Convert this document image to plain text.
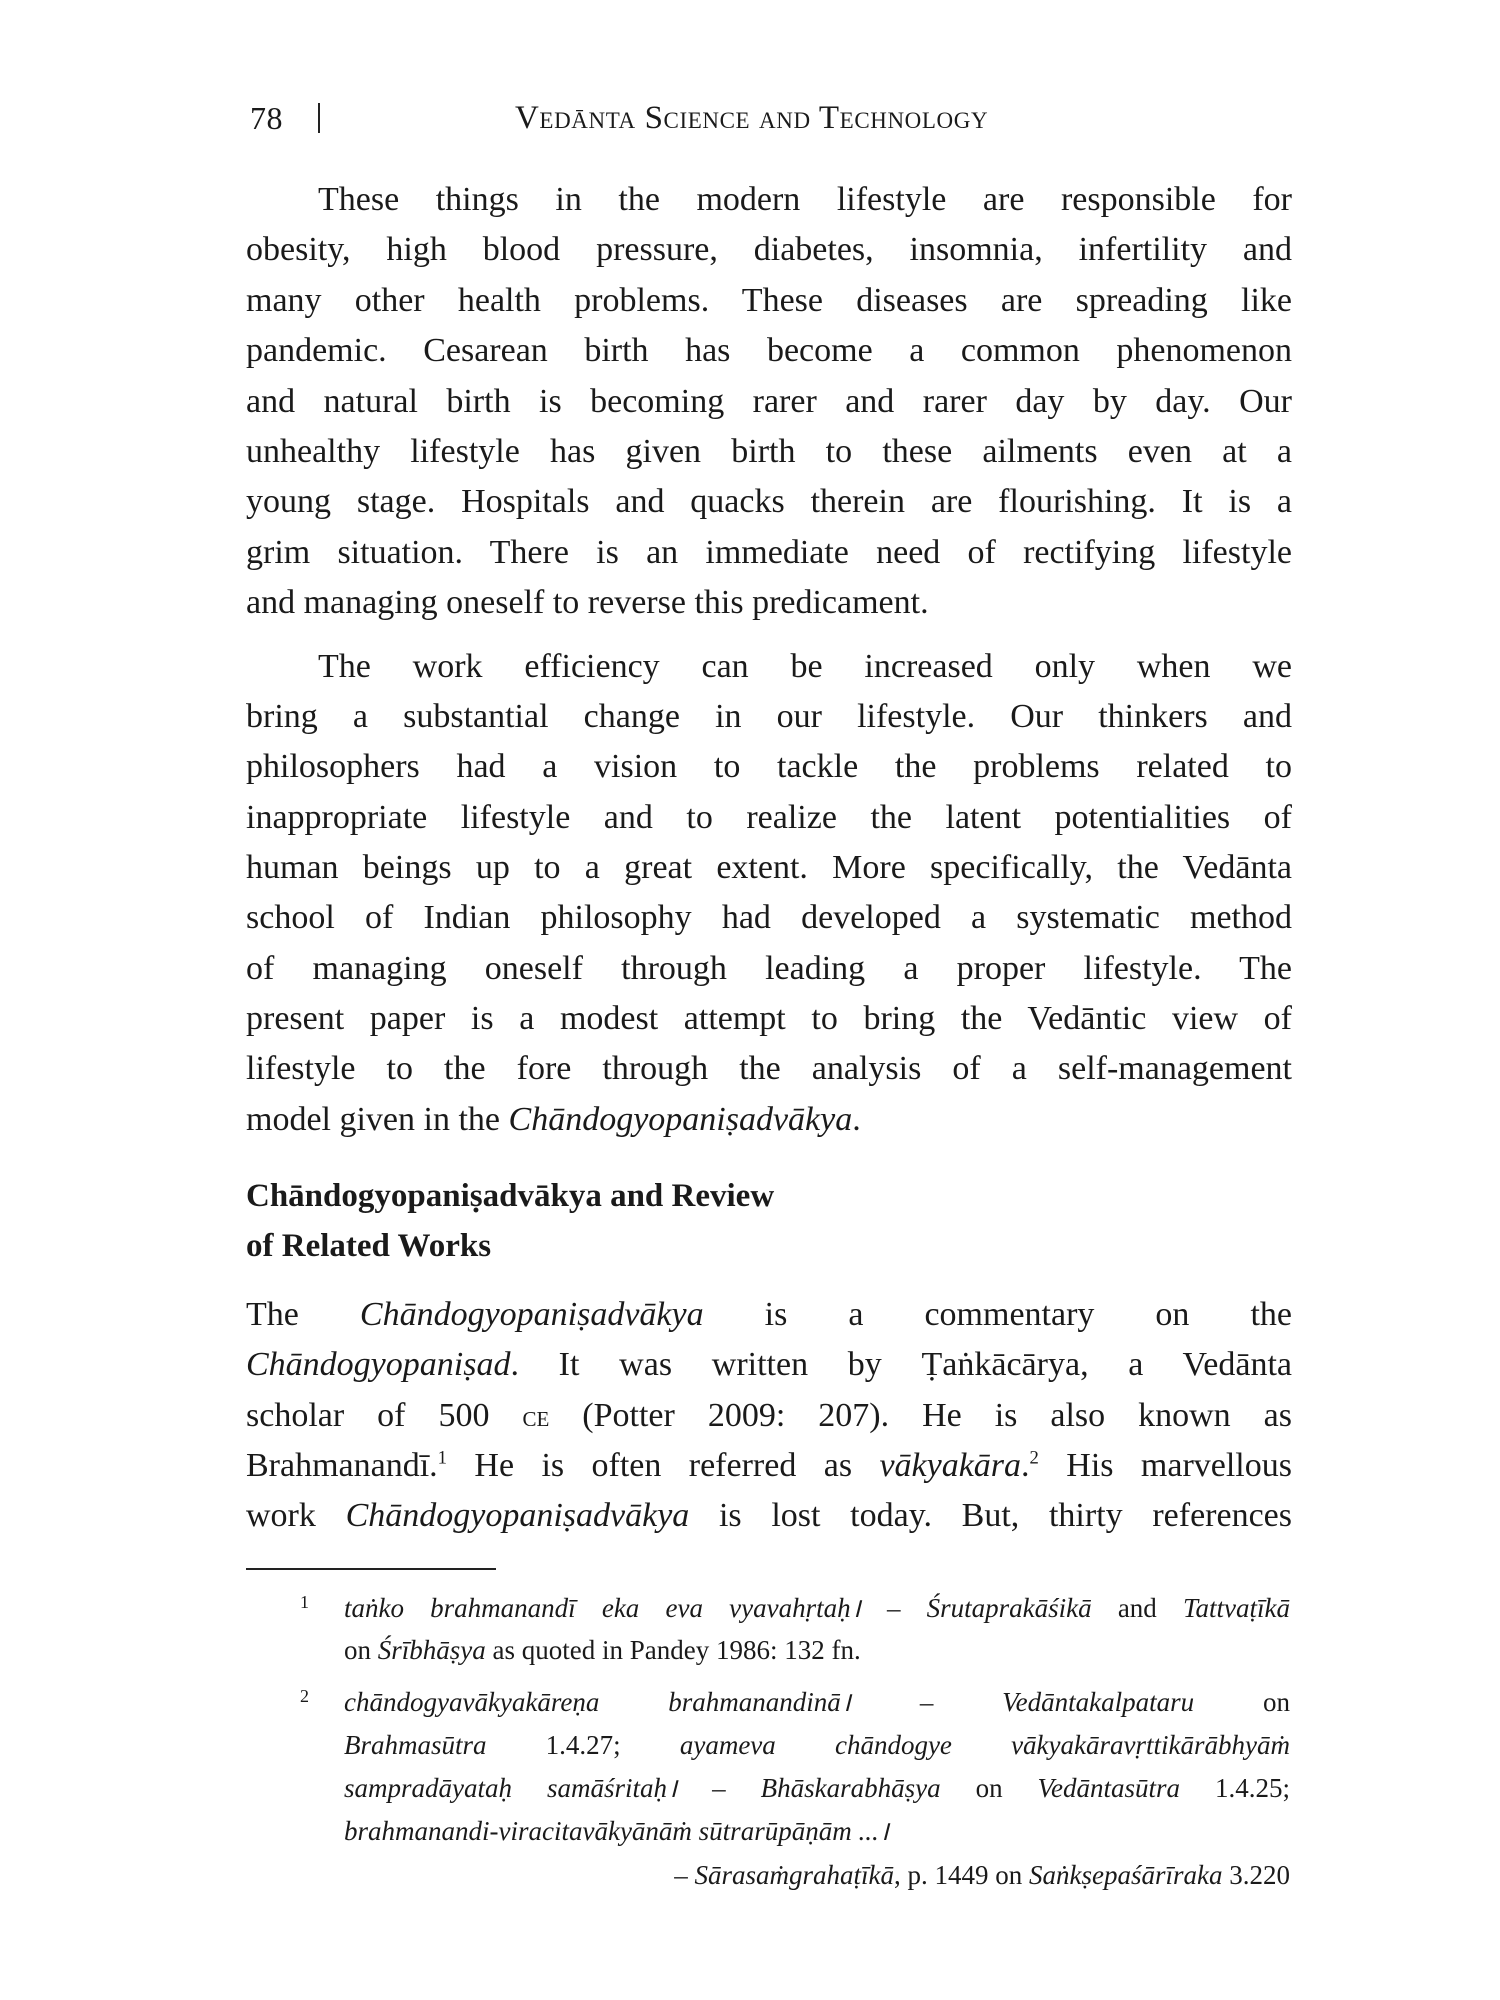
78	Vedānta Science and Technology
These things in the modern lifestyle are responsible for
obesity, high blood pressure, diabetes, insomnia, infertility and
many other health problems. These diseases are spreading like
pandemic. Cesarean birth has become a common phenomenon
and natural birth is becoming rarer and rarer day by day. Our
unhealthy lifestyle has given birth to these ailments even at a
young stage. Hospitals and quacks therein are flourishing. It is a
grim situation. There is an immediate need of rectifying lifestyle
and managing oneself to reverse this predicament.
The work efficiency can be increased only when we
bring a substantial change in our lifestyle. Our thinkers and
philosophers had a vision to tackle the problems related to
inappropriate lifestyle and to realize the latent potentialities of
human beings up to a great extent. More specifically, the Vedānta
school of Indian philosophy had developed a systematic method
of managing oneself through leading a proper lifestyle. The
present paper is a modest attempt to bring the Vedāntic view of
lifestyle to the fore through the analysis of a self-management
model given in the Chāndogyopaniṣadvākya.
Chāndogyopaniṣadvākya and Review
of Related Works
The Chāndogyopaniṣadvākya is a commentary on the
Chāndogyopaniṣad. It was written by Ṭaṅkācārya, a Vedānta
scholar of 500 ce (Potter 2009: 207). He is also known as
Brahmanandī.$^1$ He is often referred as vākyakāra.$^2$ His marvellous
work Chāndogyopaniṣadvākya is lost today. But, thirty references
1 taṅko brahmanandī eka eva vyavahṛtaḥ। – Śrutaprakāśikā and Tattvaṭīkā
on Śrībhāṣya as quoted in Pandey 1986: 132 fn.
2 chāndogyavākyakāreṇa brahmanandinā। – Vedāntakalpataru on
Brahmasūtra 1.4.27; ayameva chāndogye vākyakāravṛttikārābhyāṁ
sampradāyataḥ samāśritaḥ। – Bhāskarabhāṣya on Vedāntasūtra 1.4.25;
brahmanandi-viracitavākyānāṁ sūtrarūpāṇām ...।
– Sārasaṁgrahaṭīkā, p. 1449 on Saṅkṣepaśārīraka 3.220
